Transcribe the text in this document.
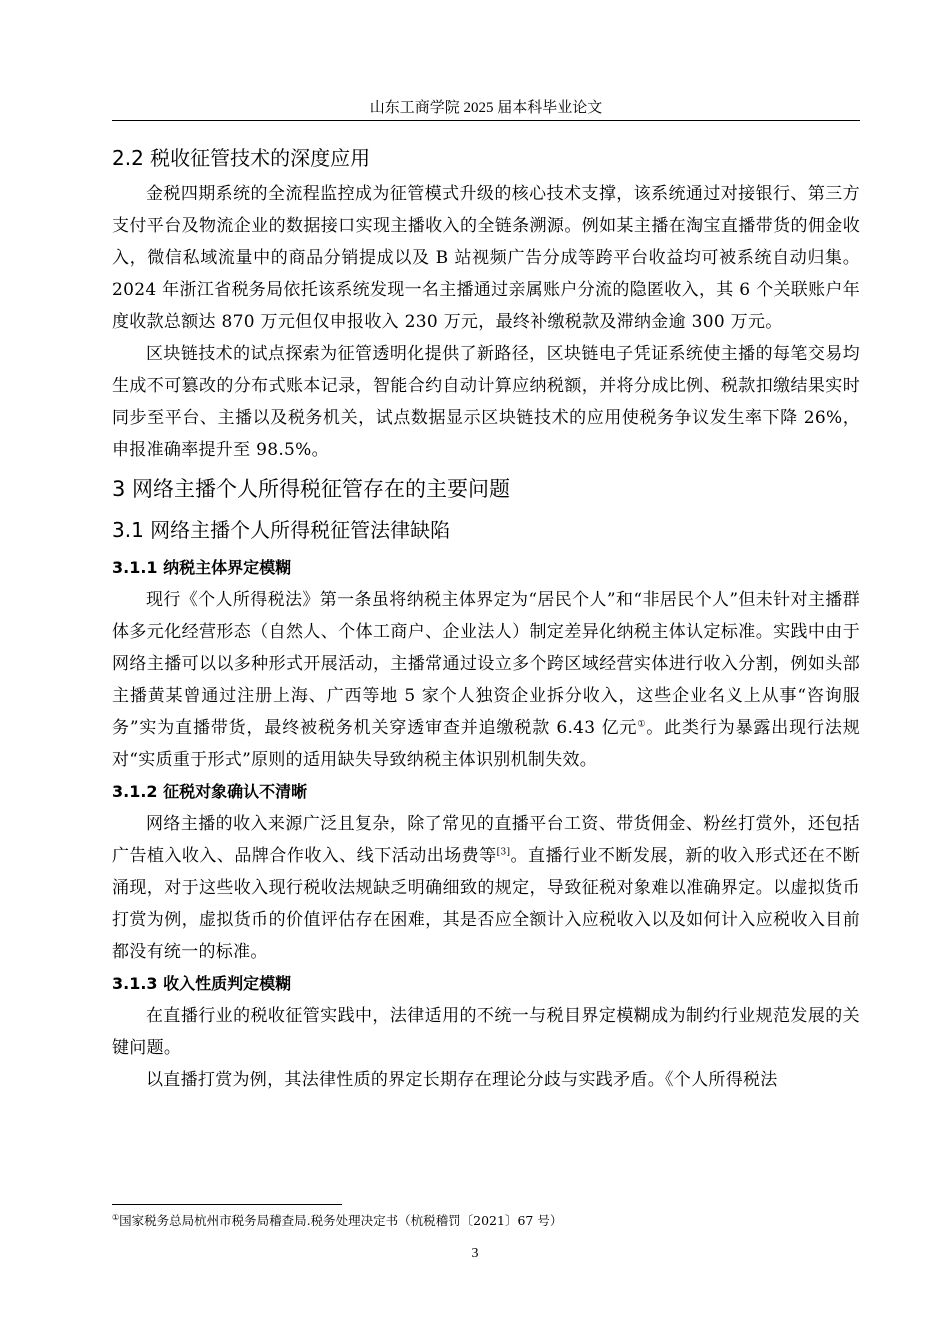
山东工商学院 2025 届本科毕业论文
2.2 税收征管技术的深度应用

金税四期系统的全流程监控成为征管模式升级的核心技术支撑，该系统通过对接银行、第三方支付平台及物流企业的数据接口实现主播收入的全链条溯源。例如某主播在淘宝直播带货的佣金收入，微信私域流量中的商品分销提成以及 B 站视频广告分成等跨平台收益均可被系统自动归集。2024 年浙江省税务局依托该系统发现一名主播通过亲属账户分流的隐匿收入，其 6 个关联账户年度收款总额达 870 万元但仅申报收入 230 万元，最终补缴税款及滞纳金逾 300 万元。

区块链技术的试点探索为征管透明化提供了新路径，区块链电子凭证系统使主播的每笔交易均生成不可篡改的分布式账本记录，智能合约自动计算应纳税额，并将分成比例、税款扣缴结果实时同步至平台、主播以及税务机关，试点数据显示区块链技术的应用使税务争议发生率下降 26%，申报准确率提升至 98.5%。

3 网络主播个人所得税征管存在的主要问题
3.1 网络主播个人所得税征管法律缺陷
3.1.1 纳税主体界定模糊

现行《个人所得税法》第一条虽将纳税主体界定为“居民个人”和“非居民个人”但未针对主播群体多元化经营形态（自然人、个体工商户、企业法人）制定差异化纳税主体认定标准。实践中由于网络主播可以以多种形式开展活动，主播常通过设立多个跨区域经营实体进行收入分割，例如头部主播黄某曾通过注册上海、广西等地 5 家个人独资企业拆分收入，这些企业名义上从事“咨询服务”实为直播带货，最终被税务机关穿透审查并追缴税款 6.43 亿元①。此类行为暴露出现行法规对“实质重于形式”原则的适用缺失导致纳税主体识别机制失效。

3.1.2 征税对象确认不清晰

网络主播的收入来源广泛且复杂，除了常见的直播平台工资、带货佣金、粉丝打赏外，还包括广告植入收入、品牌合作收入、线下活动出场费等[3]。直播行业不断发展，新的收入形式还在不断涌现，对于这些收入现行税收法规缺乏明确细致的规定，导致征税对象难以准确界定。以虚拟货币打赏为例，虚拟货币的价值评估存在困难，其是否应全额计入应税收入以及如何计入应税收入目前都没有统一的标准。

3.1.3 收入性质判定模糊

在直播行业的税收征管实践中，法律适用的不统一与税目界定模糊成为制约行业规范发展的关键问题。

以直播打赏为例，其法律性质的界定长期存在理论分歧与实践矛盾。《个人所得税法

①国家税务总局杭州市税务局稽查局.税务处理决定书（杭税稽罚〔2021〕67 号）
3
